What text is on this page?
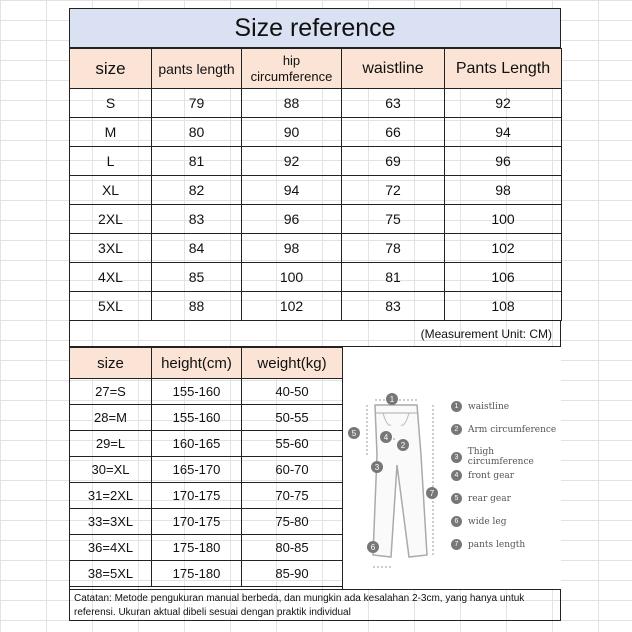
Size reference
size	pants length	hip circumference	waistline	Pants Length
S	79	88	63	92
M	80	90	66	94
L	81	92	69	96
XL	82	94	72	98
2XL	83	96	75	100
3XL	84	98	78	102
4XL	85	100	81	106
5XL	88	102	83	108
(Measurement Unit: CM)
size	height(cm)	weight(kg)
27=S	155-160	40-50
28=M	155-160	50-55
29=L	160-165	55-60
30=XL	165-170	60-70
31=2XL	170-175	70-75
33=3XL	170-175	75-80
36=4XL	175-180	80-85
38=5XL	175-180	85-90
1
4
2
5
3
7
6
1	waistline
2	Arm circumference
3	Thigh circumference
4	front gear
5	rear gear
6	wide leg
7	pants length
Catatan: Metode pengukuran manual berbeda, dan mungkin ada kesalahan 2-3cm, yang hanya untuk referensi. Ukuran aktual dibeli sesuai dengan praktik individual
